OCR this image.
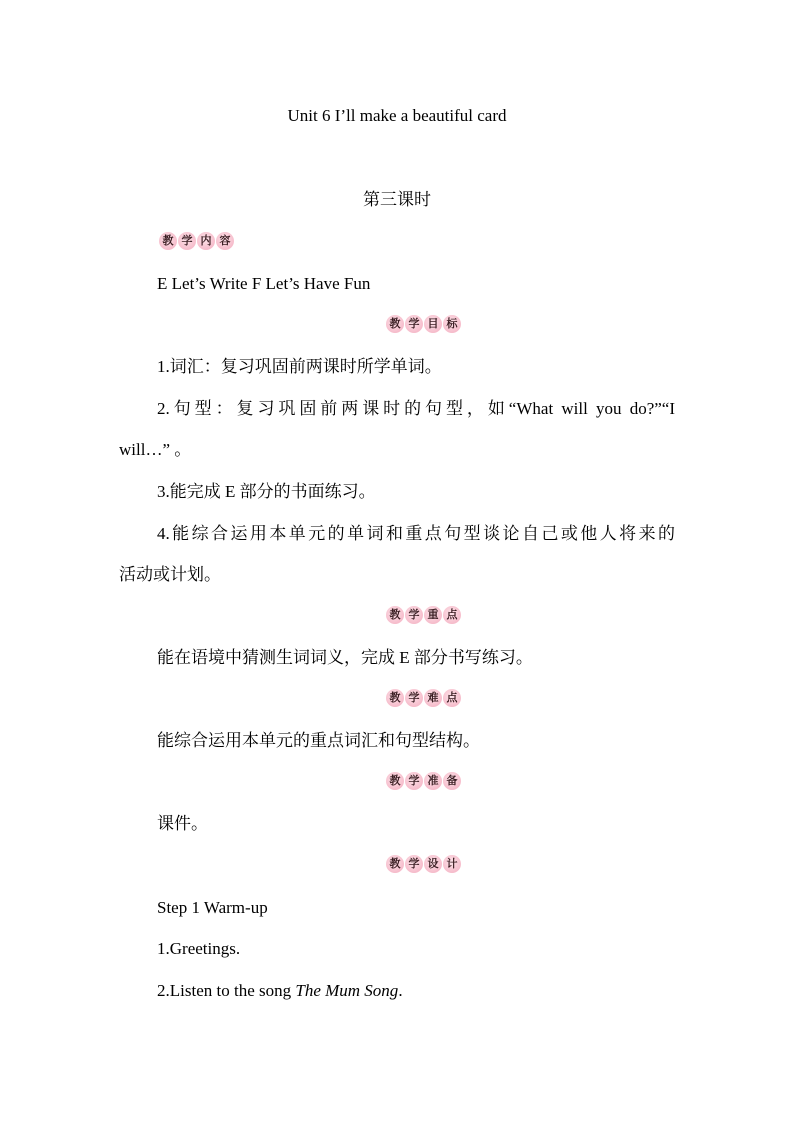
Unit 6 I’ll make a beautiful card
第三课时
教 学 内 容
E Let’s Write F Let’s Have Fun
教 学 目 标
1.词汇：复习巩固前两课时所学单词。
2.句型：复习巩固前两课时的句型，如“What will you do?”“I
will…” 。
3.能完成 E 部分的书面练习。
4.能综合运用本单元的单词和重点句型谈论自己或他人将来的
活动或计划。
教 学 重 点
能在语境中猜测生词词义，完成 E 部分书写练习。
教 学 难 点
能综合运用本单元的重点词汇和句型结构。
教 学 准 备
课件。
教 学 设 计
Step 1 Warm-up
1.Greetings.
2.Listen to the song The Mum Song.
